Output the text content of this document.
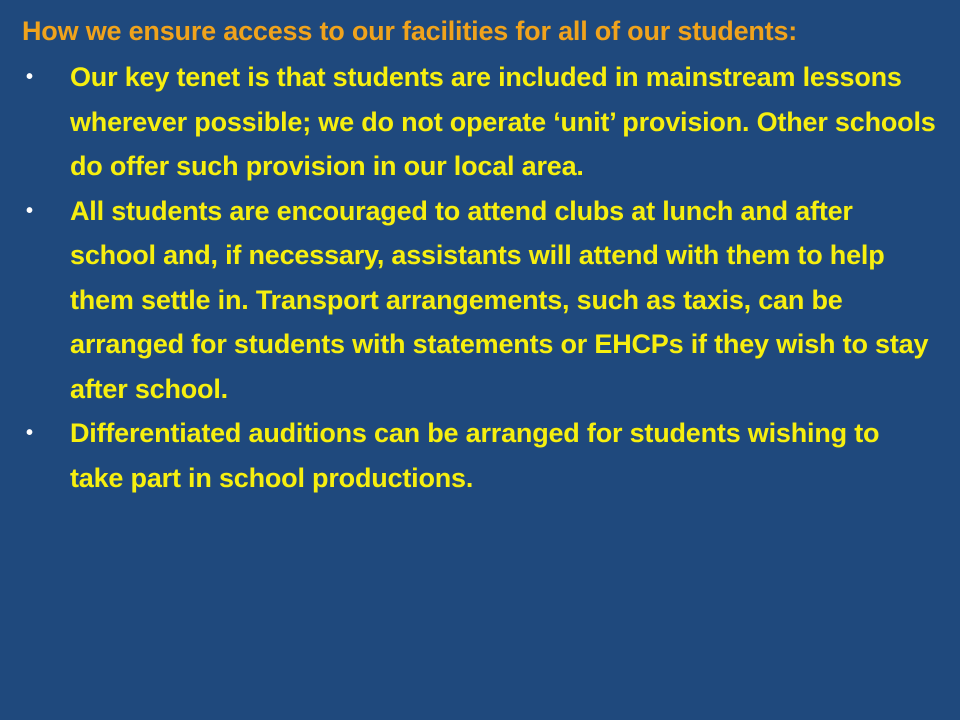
How we ensure access to our facilities for all of our students:
• Our key tenet is that students are included in mainstream lessons wherever possible; we do not operate ‘unit’ provision. Other schools do offer such provision in our local area.
• All students are encouraged to attend clubs at lunch and after school and, if necessary, assistants will attend with them to help them settle in. Transport arrangements, such as taxis, can be arranged for students with statements or EHCPs if they wish to stay after school.
• Differentiated auditions can be arranged for students wishing to take part in school productions.
